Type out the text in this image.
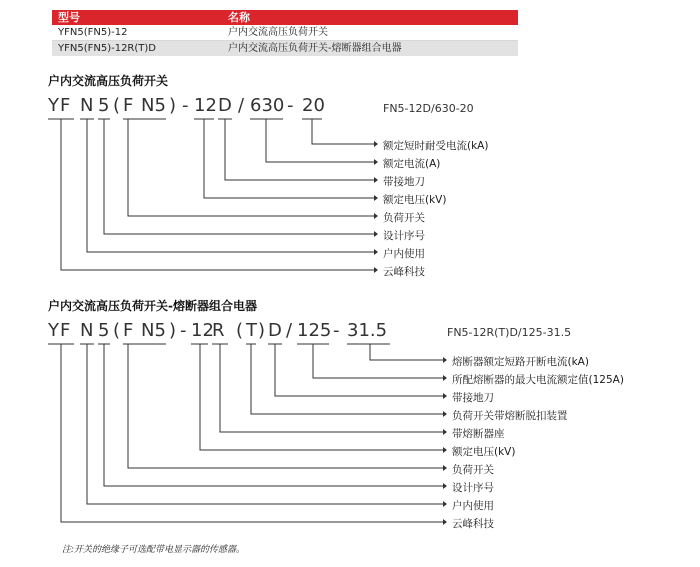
型号	名称
YFN5(FN5)-12	户内交流高压负荷开关
YFN5(FN5)-12R(T)D	户内交流高压负荷开关-熔断器组合电器
户内交流高压负荷开关
Y F N 5 ( F N5 ) - 12 D / 630 - 20	FN5-12D/630-20
额定短时耐受电流(kA)
额定电流(A)
带接地刀
额定电压(kV)
负荷开关
设计序号
户内使用
云峰科技
户内交流高压负荷开关-熔断器组合电器
Y F N 5 ( F N5 ) - 12
R ( T ) D / 125 - 31.5	FN5-12R(T)D/125-31.5
熔断器额定短路开断电流(kA)
所配熔断器的最大电流额定值(125A)
带接地刀
负荷开关带熔断脱扣装置
带熔断器座
额定电压(kV)
负荷开关
设计序号
户内使用
云峰科技
注:开关的绝缘子可选配带电显示器的传感器。
